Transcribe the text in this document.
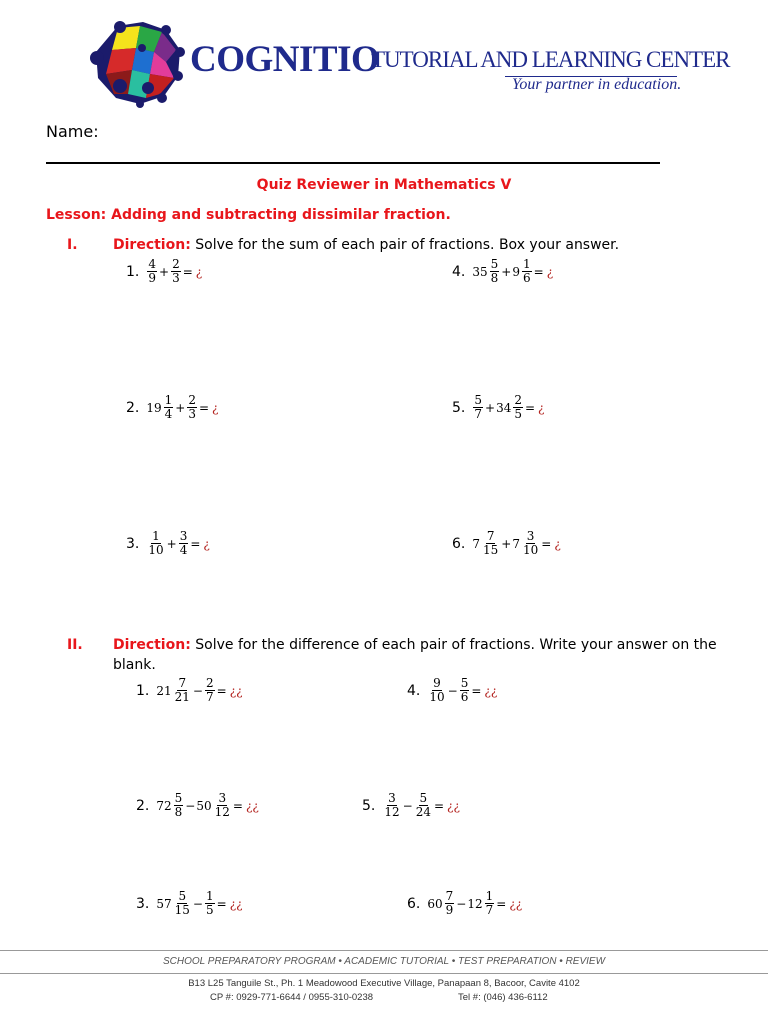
COGNITIO
TUTORIAL AND LEARNING CENTER
Your partner in education.
Name:
Quiz Reviewer in Mathematics V
Lesson: Adding and subtracting dissimilar fraction.
I.	Direction: Solve for the sum of each pair of fractions. Box your answer.
1. $\frac{4}{9} + \frac{2}{3}$ = ¿
2. $19 \frac{1}{4} + \frac{2}{3}$ = ¿
3. $\frac{1}{10} + \frac{3}{4}$ = ¿
4. $35 \frac{5}{8} + 9 \frac{1}{6}$ = ¿
5. $\frac{5}{7} + 34 \frac{2}{5}$ = ¿
6. $7 \frac{7}{15} + 7 \frac{3}{10}$ = ¿
II. Direction: Solve for the difference of each pair of fractions. Write your answer on the blank.
1. $21 \frac{7}{21} - \frac{2}{7}$ = ¿¿
2. $72 \frac{5}{8} - 50 \frac{3}{12}$ = ¿¿
3. $57 \frac{5}{15} - \frac{1}{5}$ = ¿¿
4. $\frac{9}{10} - \frac{5}{6}$ = ¿¿
5. $\frac{3}{12} - \frac{5}{24}$ = ¿¿
6. $60 \frac{7}{9} - 12 \frac{1}{7}$ = ¿¿
SCHOOL PREPARATORY PROGRAM • ACADEMIC TUTORIAL • TEST PREPARATION • REVIEW
B13 L25 Tanguile St., Ph. 1 Meadowood Executive Village, Panapaan 8, Bacoor, Cavite 4102
CP #: 0929-771-6644 / 0955-310-0238	Tel #: (046) 436-6112
